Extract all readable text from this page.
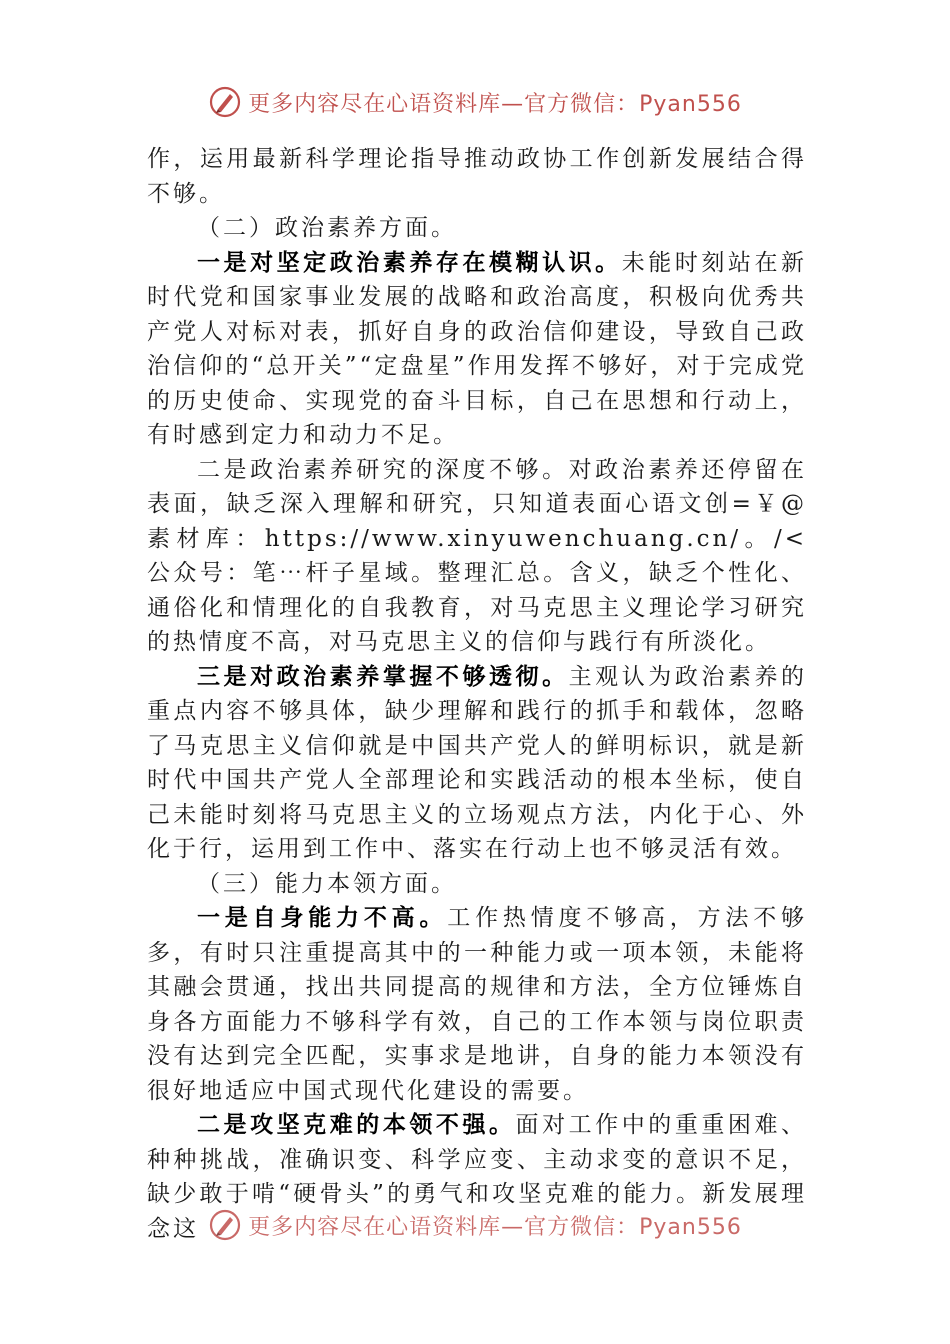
更多内容尽在心语资料库—官方微信：Pyan556

作，运用最新科学理论指导推动政协工作创新发展结合得不够。

（二）政治素养方面。

一是对坚定政治素养存在模糊认识。未能时刻站在新时代党和国家事业发展的战略和政治高度，积极向优秀共产党人对标对表，抓好自身的政治信仰建设，导致自己政治信仰的“总开关”“定盘星”作用发挥不够好，对于完成党的历史使命、实现党的奋斗目标，自己在思想和行动上，有时感到定力和动力不足。

二是政治素养研究的深度不够。对政治素养还停留在表面，缺乏深入理解和研究，只知道表面心语文创=￥@素材库：https://www.xinyuwenchuang.cn/。/<公众号：笔⋯杆子星域。整理汇总。含义，缺乏个性化、通俗化和情理化的自我教育，对马克思主义理论学习研究的热情度不高，对马克思主义的信仰与践行有所淡化。

三是对政治素养掌握不够透彻。主观认为政治素养的重点内容不够具体，缺少理解和践行的抓手和载体，忽略了马克思主义信仰就是中国共产党人的鲜明标识，就是新时代中国共产党人全部理论和实践活动的根本坐标，使自己未能时刻将马克思主义的立场观点方法，内化于心、外化于行，运用到工作中、落实在行动上也不够灵活有效。

（三）能力本领方面。

一是自身能力不高。工作热情度不够高，方法不够多，有时只注重提高其中的一种能力或一项本领，未能将其融会贯通，找出共同提高的规律和方法，全方位锤炼自身各方面能力不够科学有效，自己的工作本领与岗位职责没有达到完全匹配，实事求是地讲，自身的能力本领没有很好地适应中国式现代化建设的需要。

二是攻坚克难的本领不强。面对工作中的重重困难、种种挑战，准确识变、科学应变、主动求变的意识不足，缺少敢于啃“硬骨头”的勇气和攻坚克难的能力。新发展理念这	更多内容尽在心语资料库—官方微信：Pyan556
